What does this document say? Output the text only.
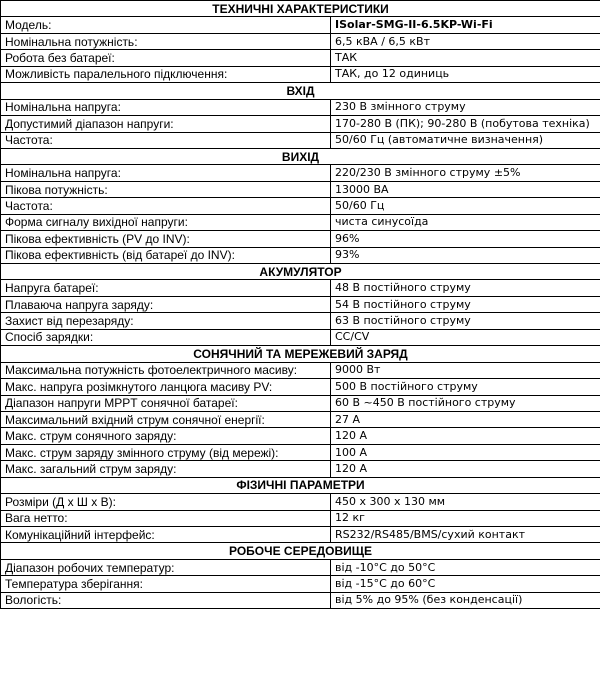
ТЕХНИЧНІ ХАРАКТЕРИСТИКИ	
Модель:	ISolar-SMG-II-6.5KP-Wi-Fi
Номінальна потужність:	6,5 кВА / 6,5 кВт
Робота без батареї:	ТАК
Можливість паралельного підключення:	ТАК, до 12 одиниць
ВХІД	
Номінальна напруга:	230 В змінного струму
Допустимий діапазон напруги:	170-280 В (ПК); 90-280 В (побутова техніка)
Частота:	50/60 Гц (автоматичне визначення)
ВИХІД	
Номінальна напруга:	220/230 В змінного струму ±5%
Пікова потужність:	13000 ВА
Частота:	50/60 Гц
Форма сигналу вихідної напруги:	чиста синусоїда
Пікова ефективність (PV до INV):	96%
Пікова ефективність (від батареї до INV):	93%
АКУМУЛЯТОР	
Напруга батареї:	48 В постійного струму
Плаваюча напруга заряду:	54 В постійного струму
Захист від перезаряду:	63 В постійного струму
Спосіб зарядки:	CC/CV
СОНЯЧНИЙ ТА МЕРЕЖЕВИЙ ЗАРЯД	
Максимальна потужність фотоелектричного масиву:	9000 Вт
Макс. напруга розімкнутого ланцюга масиву PV:	500 В постійного струму
Діапазон напруги MPPT сонячної батареї:	60 В ~450 В постійного струму
Максимальний вхідний струм сонячної енергії:	27 А
Макс. струм сонячного заряду:	120 А
Макс. струм заряду змінного струму (від мережі):	100 А
Макс. загальний струм заряду:	120 А
ФІЗИЧНІ ПАРАМЕТРИ	
Розміри (Д х Ш х В):	450 x 300 x 130 мм
Вага нетто:	12 кг
Комунікаційний інтерфейс:	RS232/RS485/BMS/сухий контакт
РОБОЧЕ СЕРЕДОВИЩЕ	
Діапазон робочих температур:	від -10°С до 50°С
Температура зберігання:	від -15°С до 60°С
Вологість:	від 5% до 95% (без конденсації)
